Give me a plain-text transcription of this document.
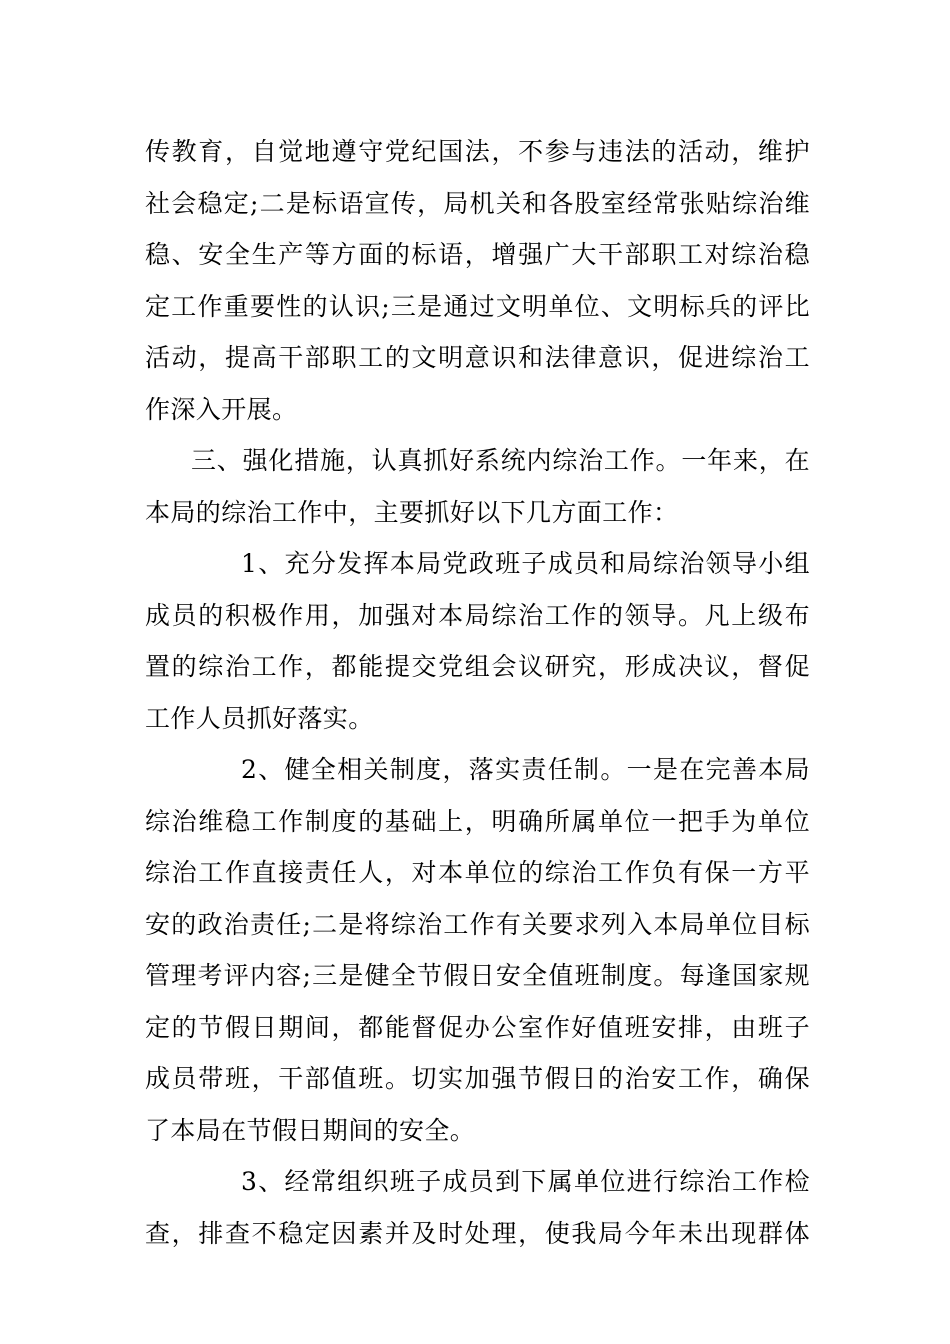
传教育，自觉地遵守党纪国法，不参与违法的活动，维护
社会稳定;二是标语宣传，局机关和各股室经常张贴综治维
稳、安全生产等方面的标语，增强广大干部职工对综治稳
定工作重要性的认识;三是通过文明单位、文明标兵的评比
活动，提高干部职工的文明意识和法律意识，促进综治工
作深入开展。
三、强化措施，认真抓好系统内综治工作。一年来，在
本局的综治工作中，主要抓好以下几方面工作：
1、充分发挥本局党政班子成员和局综治领导小组
成员的积极作用，加强对本局综治工作的领导。凡上级布
置的综治工作，都能提交党组会议研究，形成决议，督促
工作人员抓好落实。
2、健全相关制度，落实责任制。一是在完善本局
综治维稳工作制度的基础上，明确所属单位一把手为单位
综治工作直接责任人，对本单位的综治工作负有保一方平
安的政治责任;二是将综治工作有关要求列入本局单位目标
管理考评内容;三是健全节假日安全值班制度。每逢国家规
定的节假日期间，都能督促办公室作好值班安排，由班子
成员带班，干部值班。切实加强节假日的治安工作，确保
了本局在节假日期间的安全。
3、经常组织班子成员到下属单位进行综治工作检
查，排查不稳定因素并及时处理，使我局今年未出现群体
